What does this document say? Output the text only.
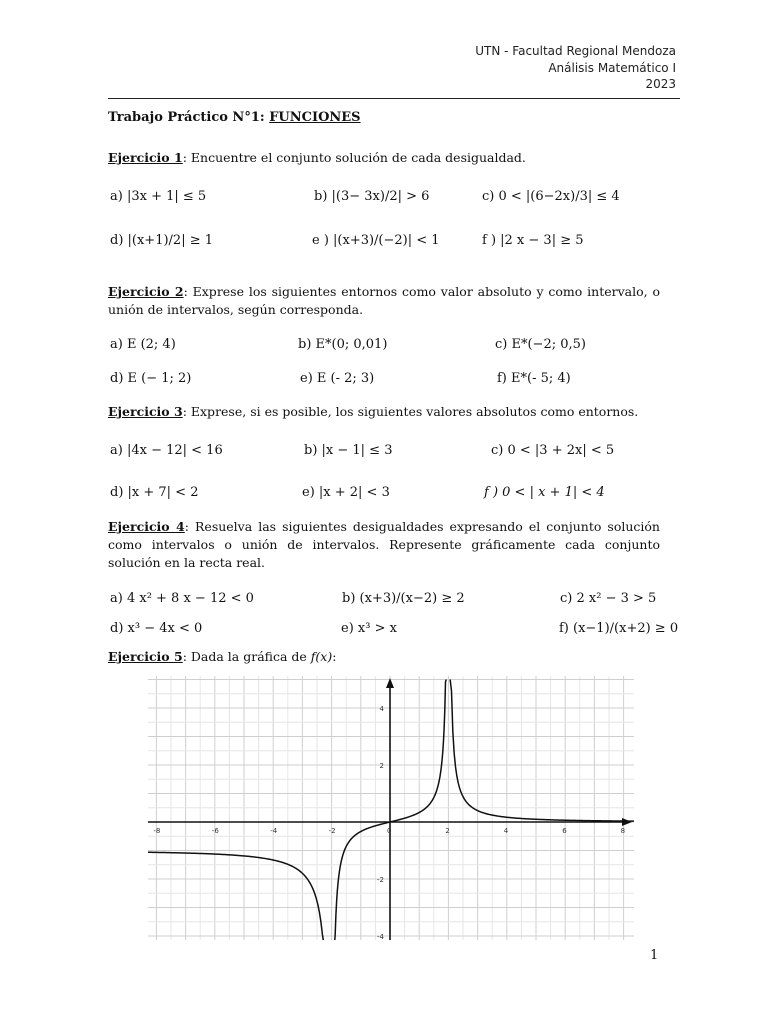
UTN - Facultad Regional Mendoza
Análisis Matemático I
2023
Trabajo Práctico N°1: FUNCIONES
Ejercicio 1: Encuentre el conjunto solución de cada desigualdad.
a) |3x + 1| ≤ 5	b) |(3− 3x)/2| > 6	c) 0 < |(6−2x)/3| ≤ 4
d) |(x+1)/2| ≥ 1	e ) |(x+3)/(−2)| < 1	f ) |2 x − 3| ≥ 5
Ejercicio 2: Exprese los siguientes entornos como valor absoluto y como intervalo, o unión de intervalos, según corresponda.
a) E (2; 4)	b) E*(0; 0,01)	c) E*(−2; 0,5)
d) E (− 1; 2)	e) E (- 2; 3)	f) E*(- 5; 4)
Ejercicio 3: Exprese, si es posible, los siguientes valores absolutos como entornos.
a) |4x − 12| < 16	b) |x − 1| ≤ 3	c) 0 < |3 + 2x| < 5
d) |x + 7| < 2	e) |x + 2| < 3	f ) 0 < | x + 1| < 4
Ejercicio 4: Resuelva las siguientes desigualdades expresando el conjunto solución como intervalos o unión de intervalos. Represente gráficamente cada conjunto solución en la recta real.
a) 4 x² + 8 x − 12 < 0	b) (x+3)/(x−2) ≥ 2	c) 2 x² − 3 > 5
d) x³ − 4x < 0	e) x³ > x	f) (x−1)/(x+2) ≥ 0
Ejercicio 5: Dada la gráfica de f(x):
-8	-6	-4	-2	0	2	4	6	8
4
2
-2
-4
1
